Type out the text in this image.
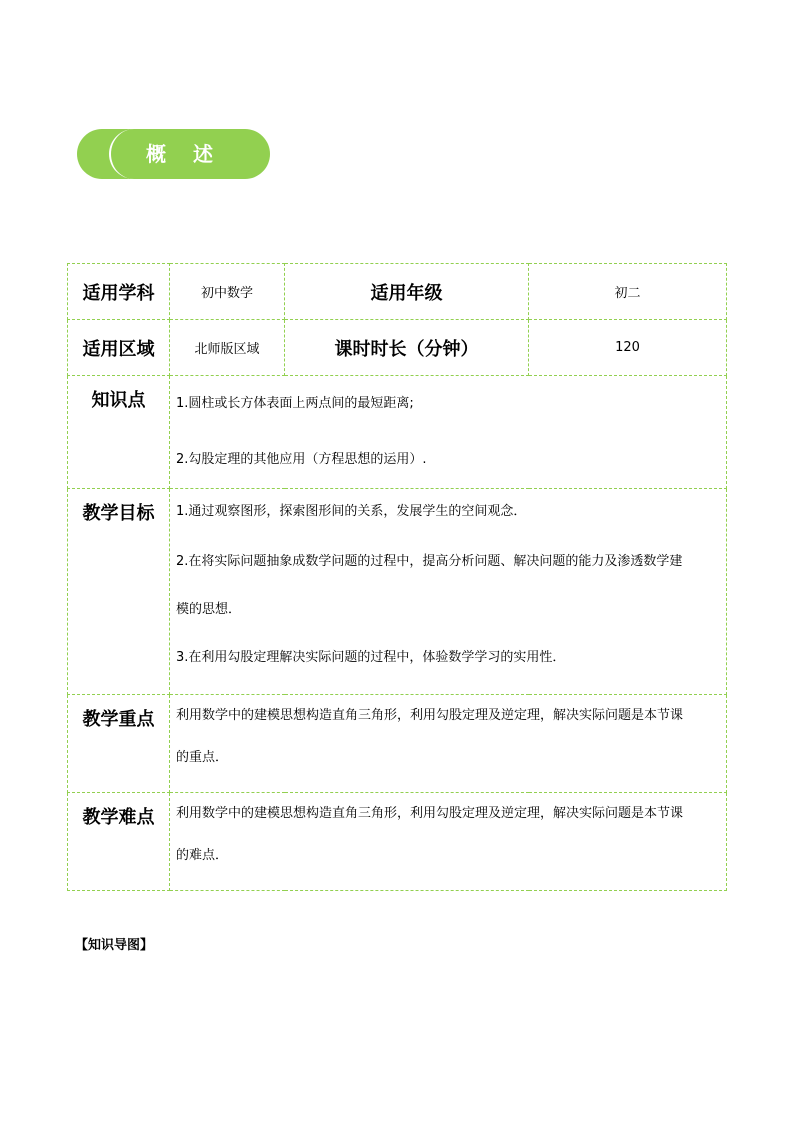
概 述
适用学科	初中数学	适用年级	初二
适用区域	北师版区域	课时时长（分钟）	120
知识点	1.圆柱或长方体表面上两点间的最短距离;

2.勾股定理的其他应用（方程思想的运用）.		

教学目标	1.通过观察图形，探索图形间的关系，发展学生的空间观念．

2.在将实际问题抽象成数学问题的过程中，提高分析问题、解决问题的能力及渗透数学建

模的思想．

3.在利用勾股定理解决实际问题的过程中，体验数学学习的实用性．		

教学重点	利用数学中的建模思想构造直角三角形，利用勾股定理及逆定理，解决实际问题是本节课

的重点．		

教学难点	利用数学中的建模思想构造直角三角形，利用勾股定理及逆定理，解决实际问题是本节课

的难点．		

【知识导图】
